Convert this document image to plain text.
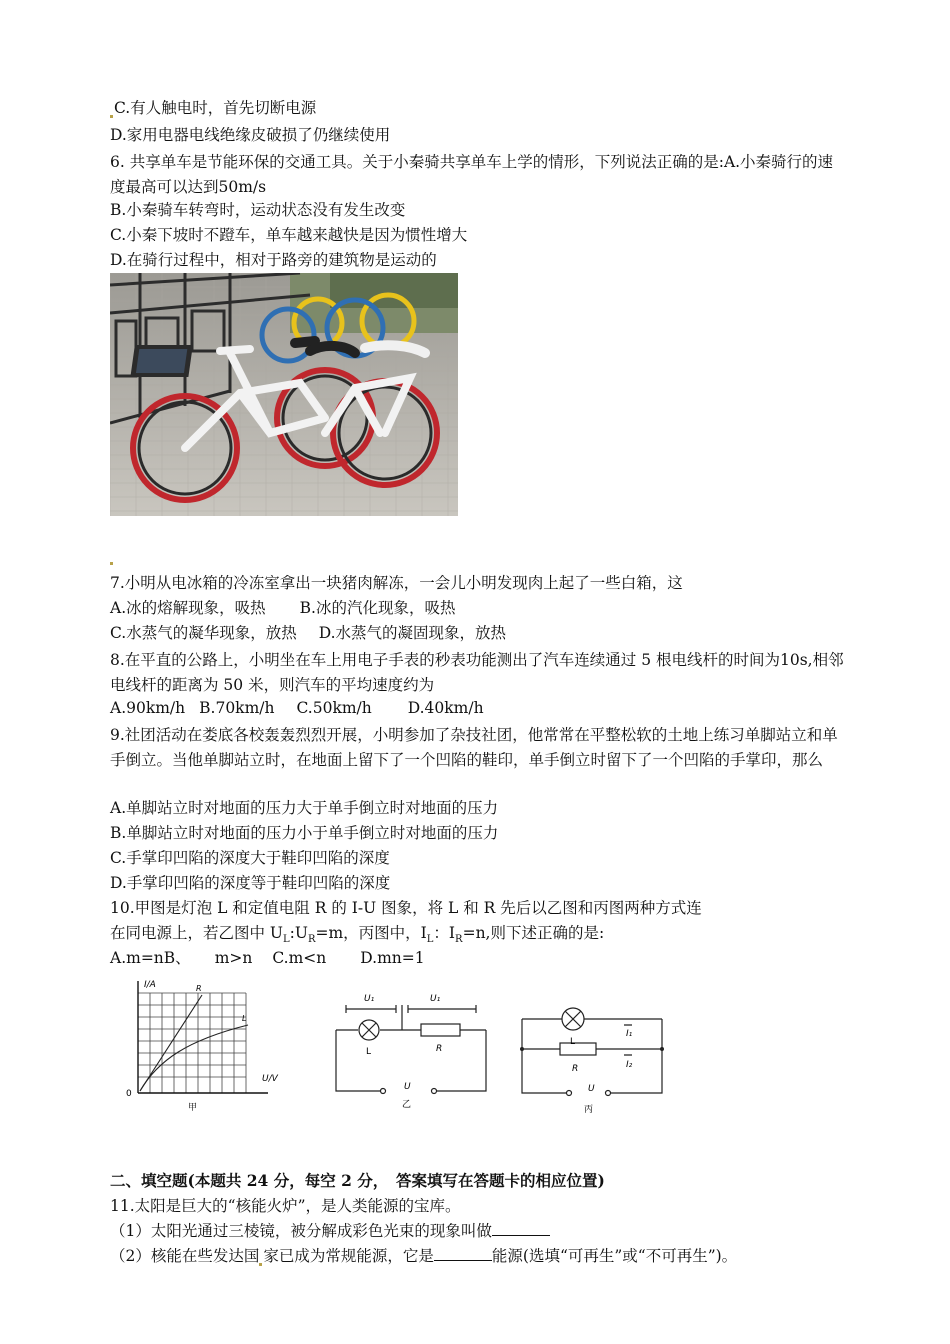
C.有人触电时，首先切断电源
D.家用电器电线绝缘皮破损了仍继续使用
6. 共享单车是节能环保的交通工具。关于小秦骑共享单车上学的情形，下列说法正确的是:A.小秦骑行的速度最高可以达到50m/s
B.小秦骑车转弯时，运动状态没有发生改变
C.小秦下坡时不蹬车，单车越来越快是因为惯性增大
D.在骑行过程中，相对于路旁的建筑物是运动的
7.小明从电冰箱的冷冻室拿出一块猪肉解冻，一会儿小明发现肉上起了一些白箱，这
A.冰的熔解现象，吸热 B.冰的汽化现象，吸热
C.水蒸气的凝华现象，放热 D.水蒸气的凝固现象，放热
8.在平直的公路上，小明坐在车上用电子手表的秒表功能测出了汽车连续通过 5 根电线杆的时间为10s,相邻电线杆的距离为 50 米，则汽车的平均速度约为
A.90km/h B.70km/h C.50km/h D.40km/h
9.社团活动在娄底各校轰轰烈烈开展，小明参加了杂技社团，他常常在平整松软的土地上练习单脚站立和单手倒立。当他单脚站立时，在地面上留下了一个凹陷的鞋印，单手倒立时留下了一个凹陷的手掌印，那么
A.单脚站立时对地面的压力大于单手倒立时对地面的压力
B.单脚站立时对地面的压力小于单手倒立时对地面的压力
C.手掌印凹陷的深度大于鞋印凹陷的深度
D.手掌印凹陷的深度等于鞋印凹陷的深度
10.甲图是灯泡 L 和定值电阻 R 的 I-U 图象，将 L 和 R 先后以乙图和丙图两种方式连
在同电源上，若乙图中 $U_L:U_R=m$，丙图中，$I_L$：$I_R=n$,则下述正确的是:
A.m=nB、 m>n C.m<n D.mn=1
I/A
U/V
0
R
L
甲
U₁	U₁
L	R
U
乙
L
R
I₁
I₂
U
丙
二、填空题(本题共 24 分，每空 2 分，　答案填写在答题卡的相应位置)
11.太阳是巨大的“核能火炉”，是人类能源的宝库。
（1）太阳光通过三棱镜，被分解成彩色光束的现象叫做
（2）核能在些发达国 家已成为常规能源，它是	能源(选填“可再生”或“不可再生”)。
